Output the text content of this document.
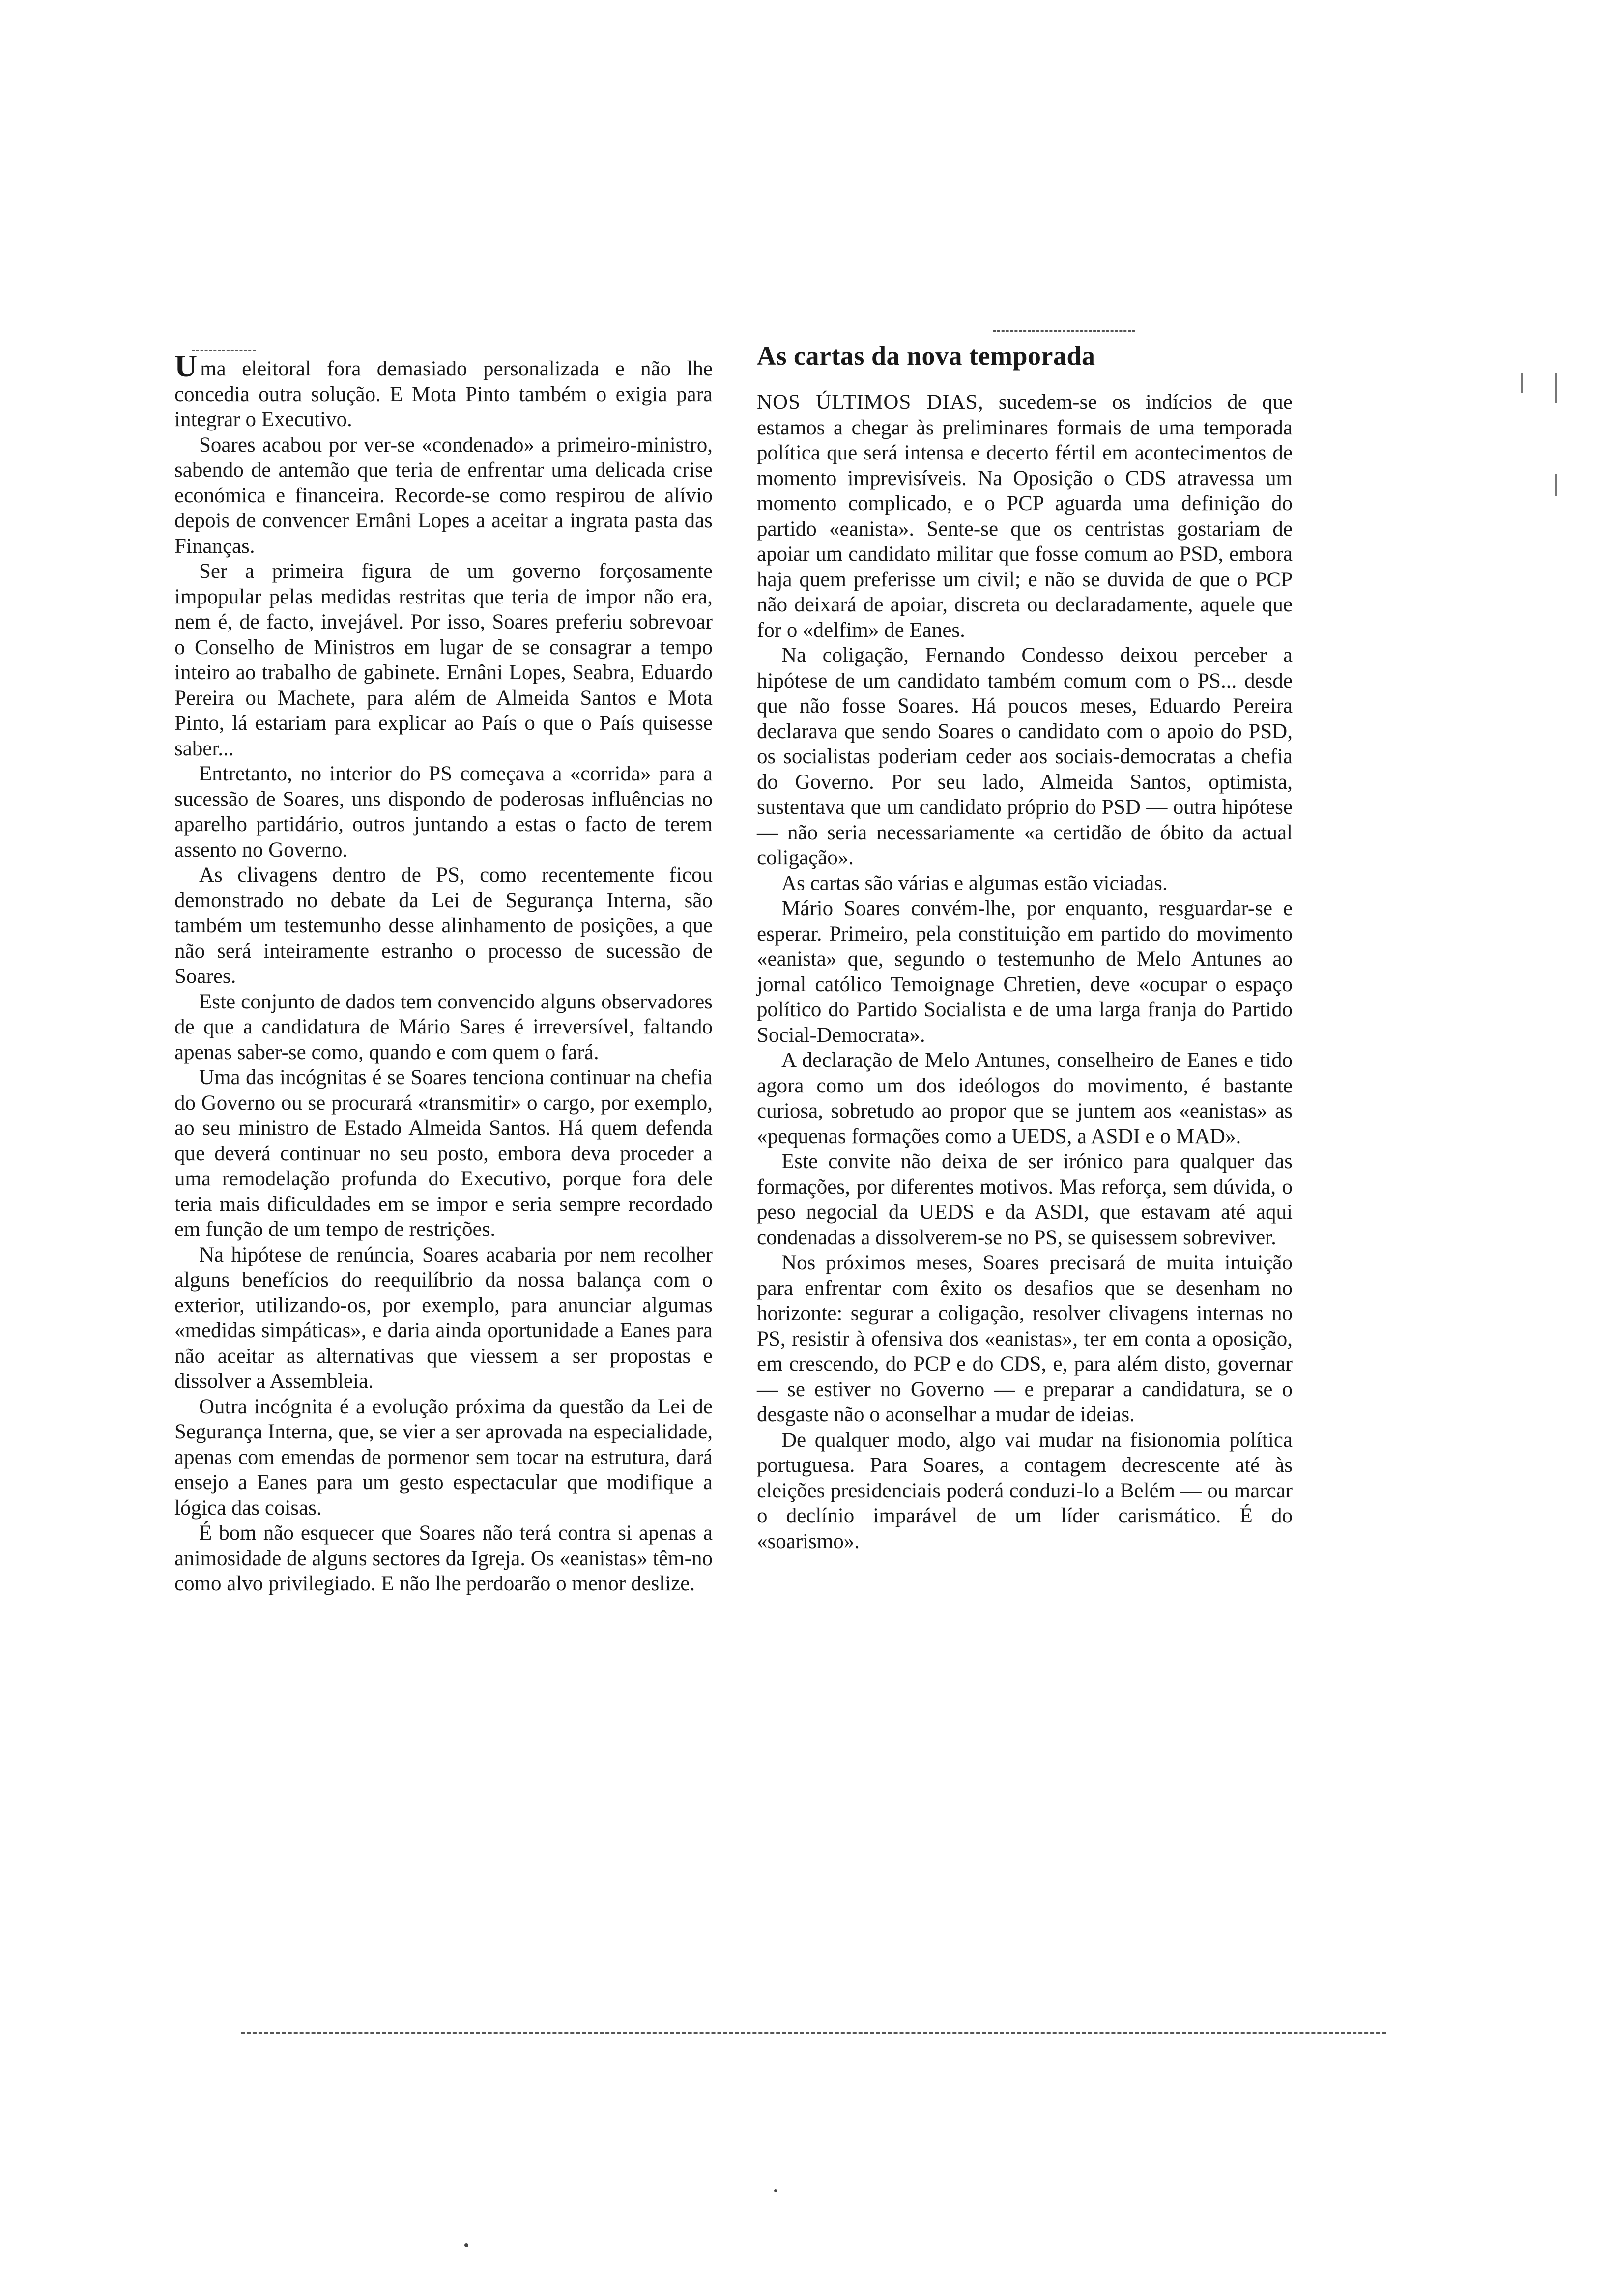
U ma eleitoral fora demasiado personalizada e não lhe concedia outra solução. E Mota Pinto também o exigia para integrar o Executivo.

Soares acabou por ver-se «condenado» a primeiro-ministro, sabendo de antemão que teria de enfrentar uma delicada crise económica e financeira. Recorde-se como respirou de alívio depois de convencer Ernâni Lopes a aceitar a ingrata pasta das Finanças.

Ser a primeira figura de um governo forçosamente impopular pelas medidas restritas que teria de impor não era, nem é, de facto, invejável. Por isso, Soares preferiu sobrevoar o Conselho de Ministros em lugar de se consagrar a tempo inteiro ao trabalho de gabinete. Ernâni Lopes, Seabra, Eduardo Pereira ou Machete, para além de Almeida Santos e Mota Pinto, lá estariam para explicar ao País o que o País quisesse saber...

Entretanto, no interior do PS começava a «corrida» para a sucessão de Soares, uns dispondo de poderosas influências no aparelho partidário, outros juntando a estas o facto de terem assento no Governo.

As clivagens dentro de PS, como recentemente ficou demonstrado no debate da Lei de Segurança Interna, são também um testemunho desse alinhamento de posições, a que não será inteiramente estranho o processo de sucessão de Soares.

Este conjunto de dados tem convencido alguns observadores de que a candidatura de Mário Sares é irreversível, faltando apenas saber-se como, quando e com quem o fará.

Uma das incógnitas é se Soares tenciona continuar na chefia do Governo ou se procurará «transmitir» o cargo, por exemplo, ao seu ministro de Estado Almeida Santos. Há quem defenda que deverá continuar no seu posto, embora deva proceder a uma remodelação profunda do Executivo, porque fora dele teria mais dificuldades em se impor e seria sempre recordado em função de um tempo de restrições.

Na hipótese de renúncia, Soares acabaria por nem recolher alguns benefícios do reequilíbrio da nossa balança com o exterior, utilizando-os, por exemplo, para anunciar algumas «medidas simpáticas», e daria ainda oportunidade a Eanes para não aceitar as alternativas que viessem a ser propostas e dissolver a Assembleia.

Outra incógnita é a evolução próxima da questão da Lei de Segurança Interna, que, se vier a ser aprovada na especialidade, apenas com emendas de pormenor sem tocar na estrutura, dará ensejo a Eanes para um gesto espectacular que modifique a lógica das coisas.

É bom não esquecer que Soares não terá contra si apenas a animosidade de alguns sectores da Igreja. Os «eanistas» têm-no como alvo privilegiado. E não lhe perdoarão o menor deslize.

As cartas da nova temporada

NOS ÚLTIMOS DIAS, sucedem-se os indícios de que estamos a chegar às preliminares formais de uma temporada política que será intensa e decerto fértil em acontecimentos de momento imprevisíveis. Na Oposição o CDS atravessa um momento complicado, e o PCP aguarda uma definição do partido «eanista». Sente-se que os centristas gostariam de apoiar um candidato militar que fosse comum ao PSD, embora haja quem preferisse um civil; e não se duvida de que o PCP não deixará de apoiar, discreta ou declaradamente, aquele que for o «delfim» de Eanes.

Na coligação, Fernando Condesso deixou perceber a hipótese de um candidato também comum com o PS... desde que não fosse Soares. Há poucos meses, Eduardo Pereira declarava que sendo Soares o candidato com o apoio do PSD, os socialistas poderiam ceder aos sociais-democratas a chefia do Governo. Por seu lado, Almeida Santos, optimista, sustentava que um candidato próprio do PSD — outra hipótese — não seria necessariamente «a certidão de óbito da actual coligação».

As cartas são várias e algumas estão viciadas.

Mário Soares convém-lhe, por enquanto, resguardar-se e esperar. Primeiro, pela constituição em partido do movimento «eanista» que, segundo o testemunho de Melo Antunes ao jornal católico Temoignage Chretien, deve «ocupar o espaço político do Partido Socialista e de uma larga franja do Partido Social-Democrata».

A declaração de Melo Antunes, conselheiro de Eanes e tido agora como um dos ideólogos do movimento, é bastante curiosa, sobretudo ao propor que se juntem aos «eanistas» as «pequenas formações como a UEDS, a ASDI e o MAD».

Este convite não deixa de ser irónico para qualquer das formações, por diferentes motivos. Mas reforça, sem dúvida, o peso negocial da UEDS e da ASDI, que estavam até aqui condenadas a dissolverem-se no PS, se quisessem sobreviver.

Nos próximos meses, Soares precisará de muita intuição para enfrentar com êxito os desafios que se desenham no horizonte: segurar a coligação, resolver clivagens internas no PS, resistir à ofensiva dos «eanistas», ter em conta a oposição, em crescendo, do PCP e do CDS, e, para além disto, governar — se estiver no Governo — e preparar a candidatura, se o desgaste não o aconselhar a mudar de ideias.

De qualquer modo, algo vai mudar na fisionomia política portuguesa. Para Soares, a contagem decrescente até às eleições presidenciais poderá conduzi-lo a Belém — ou marcar o declínio imparável de um líder carismático. É do «soarismo».
